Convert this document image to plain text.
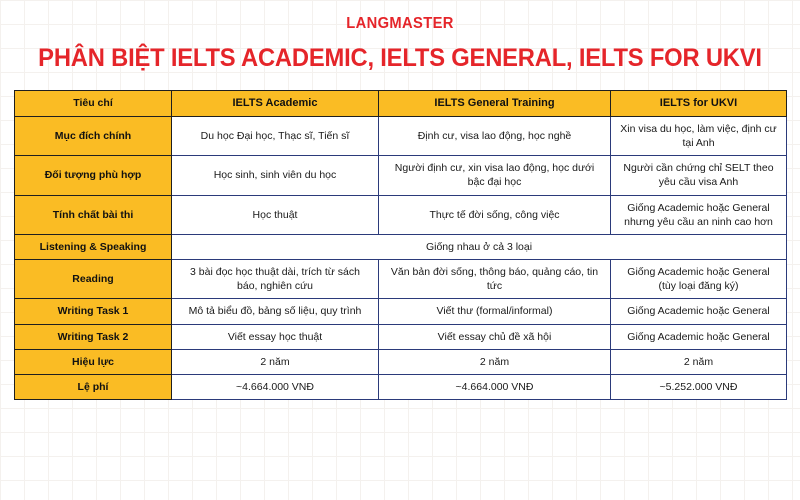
LANGMASTER
PHÂN BIỆT IELTS ACADEMIC, IELTS GENERAL, IELTS FOR UKVI
Tiêu chí	IELTS Academic	IELTS General Training	IELTS for UKVI
Mục đích chính	Du học Đại học, Thạc sĩ, Tiến sĩ	Định cư, visa lao động, học nghề	Xin visa du học, làm việc, định cư tại Anh
Đối tượng phù hợp	Học sinh, sinh viên du học	Người định cư, xin visa lao động, học dưới bậc đại học	Người cần chứng chỉ SELT theo yêu cầu visa Anh
Tính chất bài thi	Học thuật	Thực tế đời sống, công việc	Giống Academic hoặc General nhưng yêu cầu an ninh cao hơn
Listening & Speaking	Giống nhau ở cả 3 loại		
Reading	3 bài đọc học thuật dài, trích từ sách báo, nghiên cứu	Văn bản đời sống, thông báo, quảng cáo, tin tức	Giống Academic hoặc General (tùy loại đăng ký)
Writing Task 1	Mô tả biểu đồ, bảng số liệu, quy trình	Viết thư (formal/informal)	Giống Academic hoặc General
Writing Task 2	Viết essay học thuật	Viết essay chủ đề xã hội	Giống Academic hoặc General
Hiệu lực	2 năm	2 năm	2 năm
Lệ phí	~4.664.000 VNĐ	~4.664.000 VNĐ	~5.252.000 VNĐ
